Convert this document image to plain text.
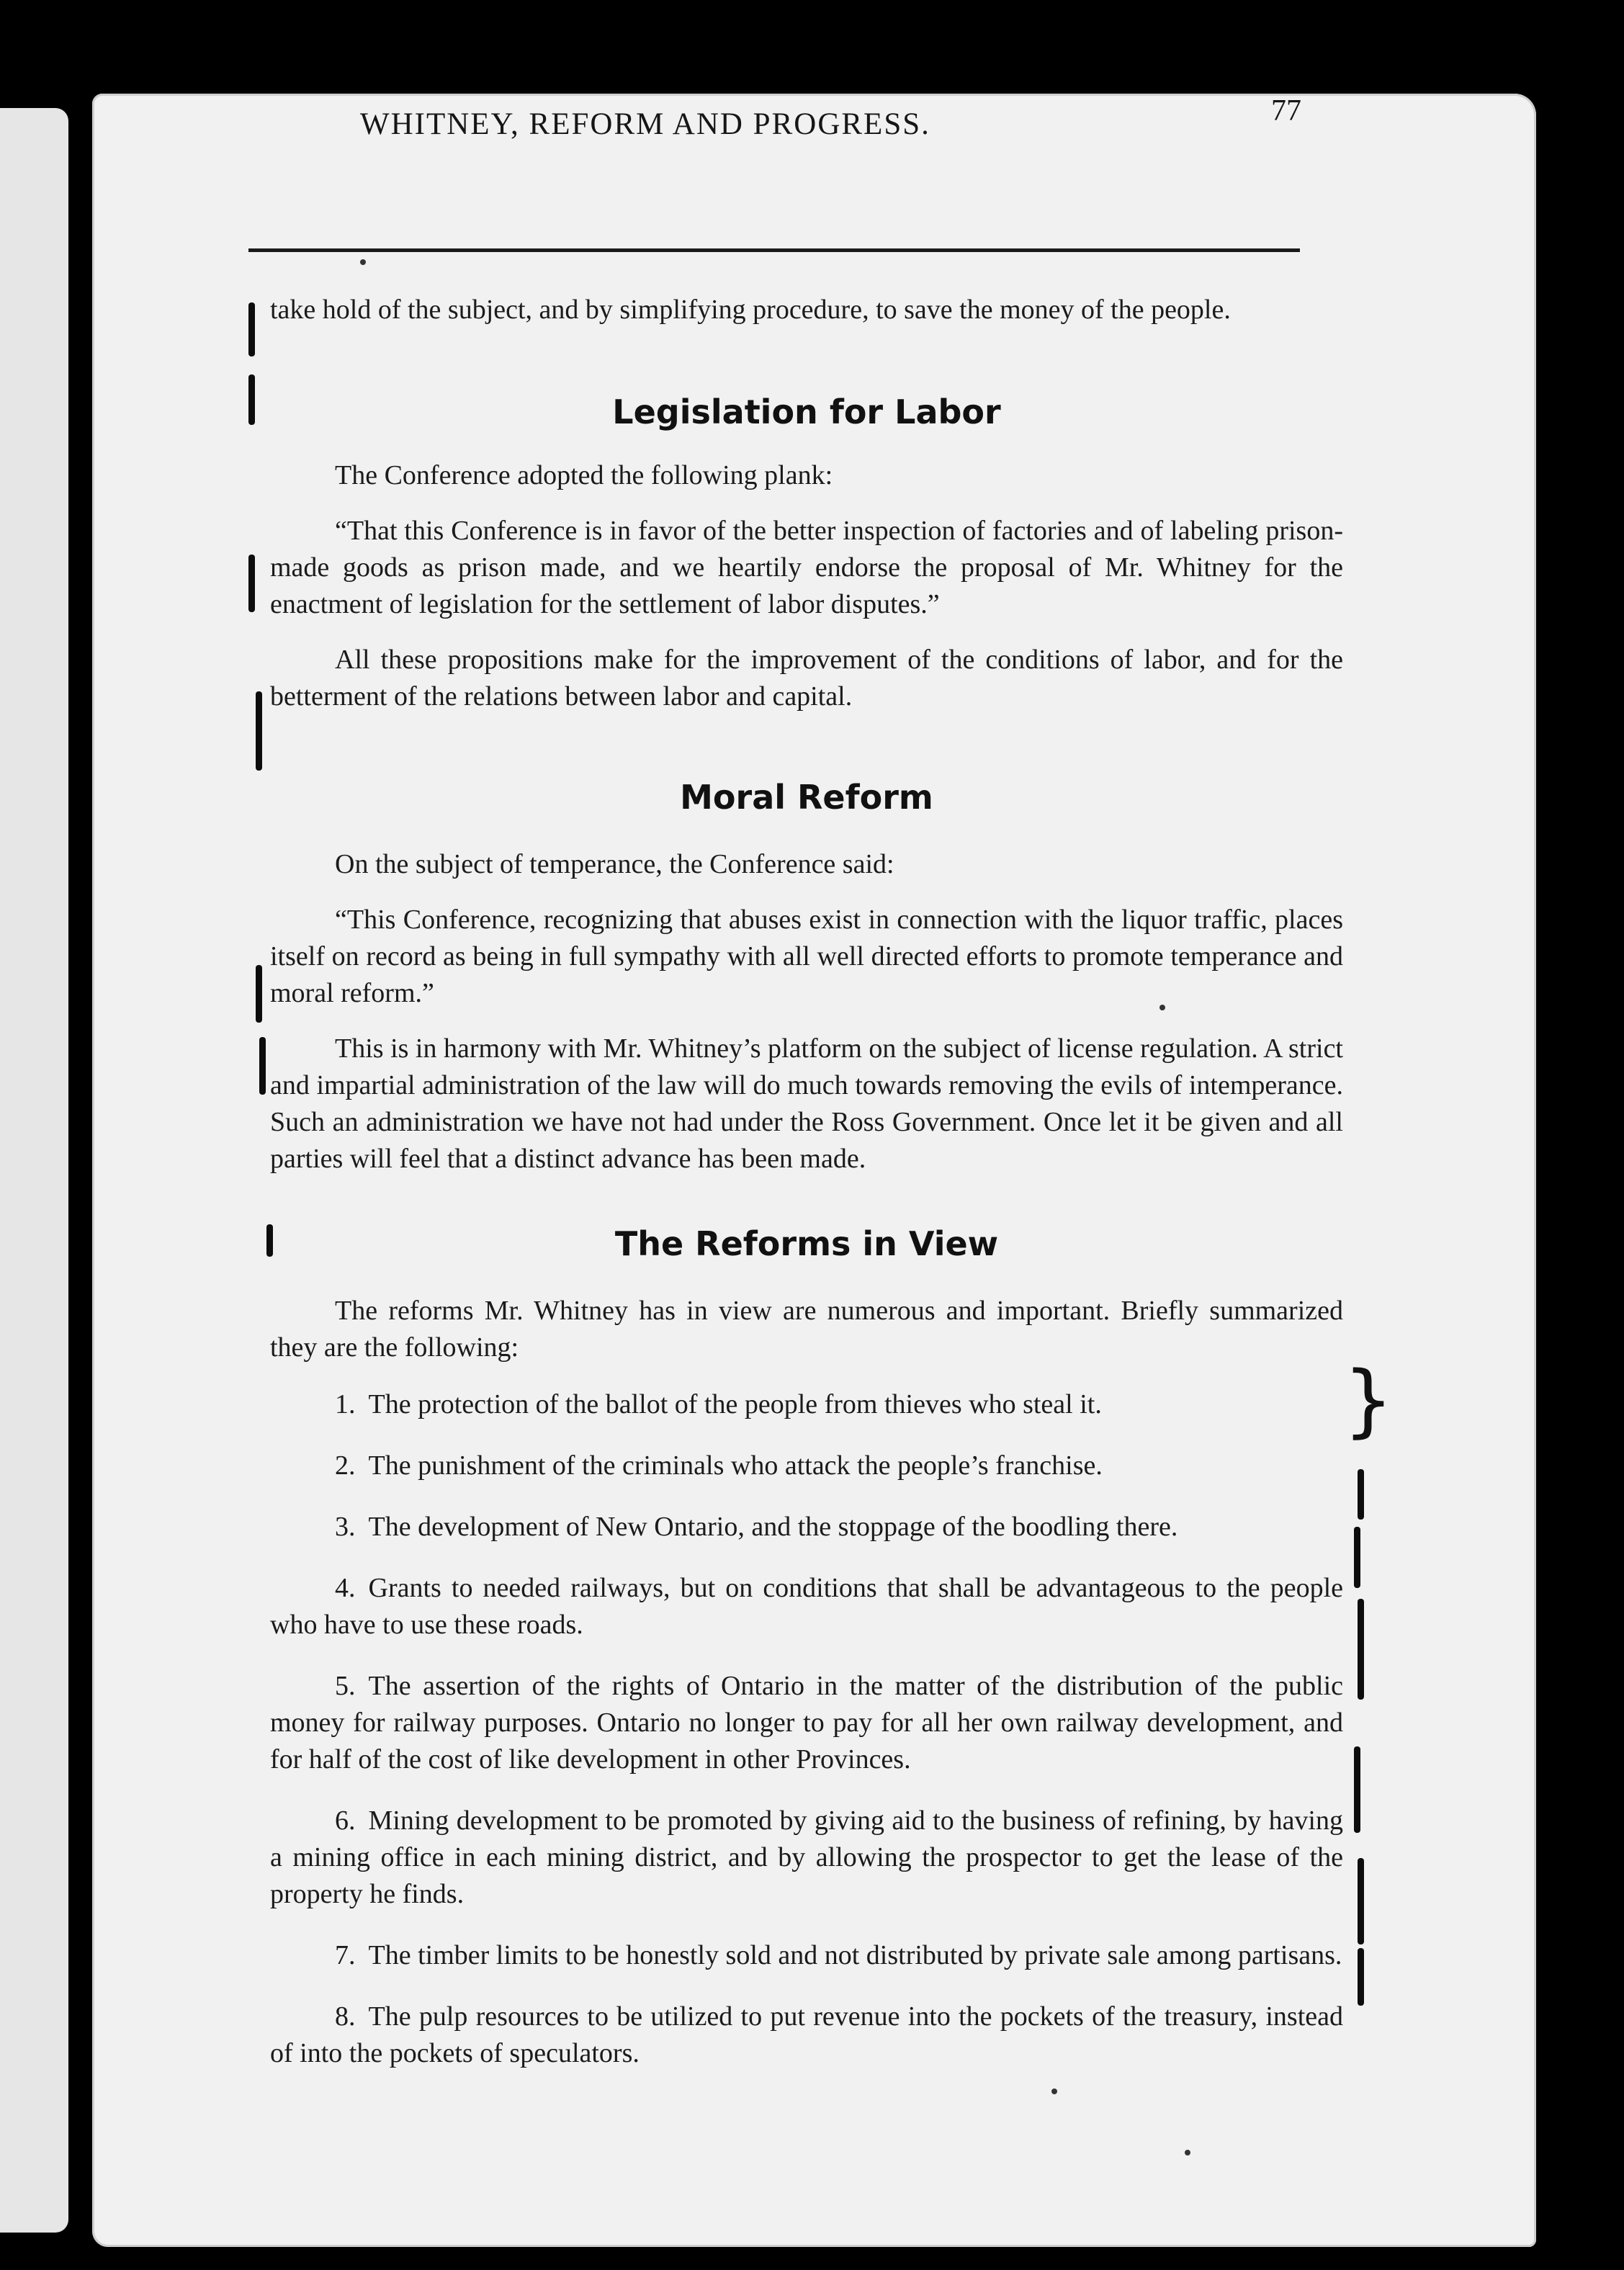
WHITNEY, REFORM AND PROGRESS.	77

take hold of the subject, and by simplifying procedure, to save the money of the people.

Legislation for Labor

The Conference adopted the following plank:

“That this Conference is in favor of the better inspection of factories and of labeling prison-made goods as prison made, and we heartily endorse the proposal of Mr. Whitney for the enactment of legislation for the settlement of labor disputes.”

All these propositions make for the improvement of the conditions of labor, and for the betterment of the relations between labor and capital.

Moral Reform

On the subject of temperance, the Conference said:

“This Conference, recognizing that abuses exist in connection with the liquor traffic, places itself on record as being in full sympathy with all well directed efforts to promote temperance and moral reform.”

This is in harmony with Mr. Whitney’s platform on the subject of license regulation. A strict and impartial administration of the law will do much towards removing the evils of intemperance. Such an administration we have not had under the Ross Government. Once let it be given and all parties will feel that a distinct advance has been made.

The Reforms in View

The reforms Mr. Whitney has in view are numerous and important. Briefly summarized they are the following:

1. The protection of the ballot of the people from thieves who steal it.

2. The punishment of the criminals who attack the people’s franchise.

3. The development of New Ontario, and the stoppage of the boodling there.

4. Grants to needed railways, but on conditions that shall be advantageous to the people who have to use these roads.

5. The assertion of the rights of Ontario in the matter of the distribution of the public money for railway purposes. Ontario no longer to pay for all her own railway development, and for half of the cost of like development in other Provinces.

6. Mining development to be promoted by giving aid to the business of refining, by having a mining office in each mining district, and by allowing the prospector to get the lease of the property he finds.

7. The timber limits to be honestly sold and not distributed by private sale among partisans.

8. The pulp resources to be utilized to put revenue into the pockets of the treasury, instead of into the pockets of speculators.

}
